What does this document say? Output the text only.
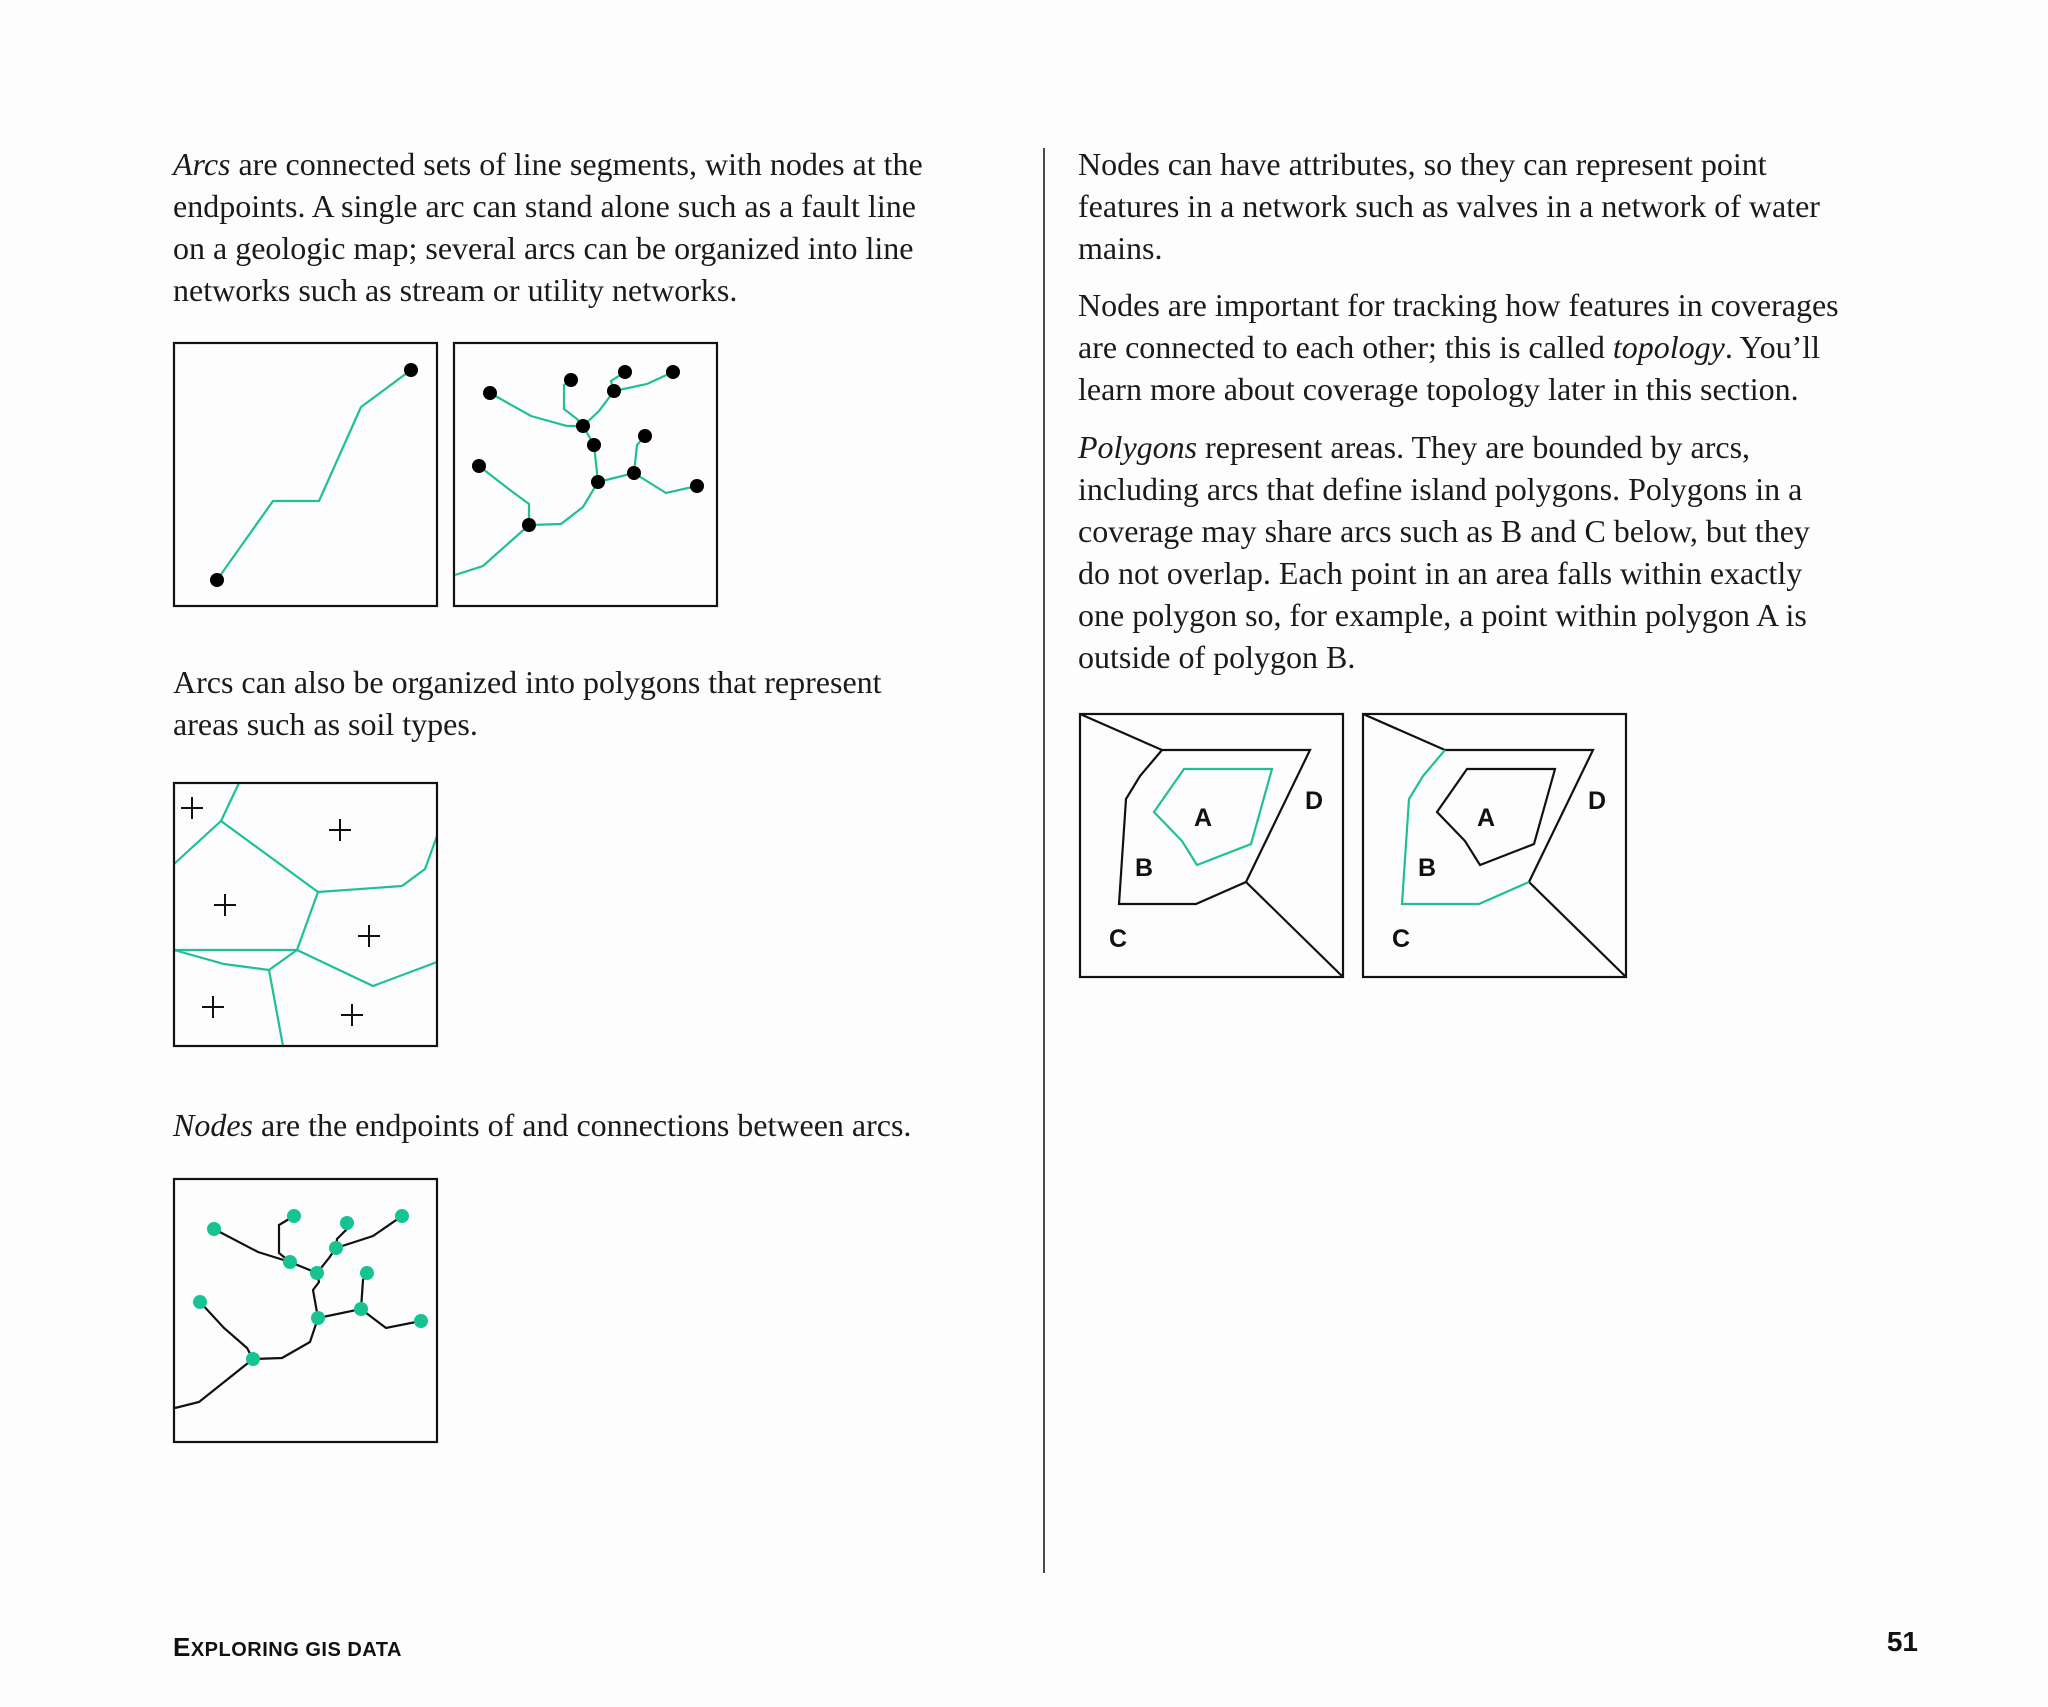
Arcs are connected sets of line segments, with nodes at the
endpoints. A single arc can stand alone such as a fault line
on a geologic map; several arcs can be organized into line
networks such as stream or utility networks.

Arcs can also be organized into polygons that represent
areas such as soil types.

Nodes are the endpoints of and connections between arcs.

Nodes can have attributes, so they can represent point
features in a network such as valves in a network of water
mains.

Nodes are important for tracking how features in coverages
are connected to each other; this is called topology. You’ll
learn more about coverage topology later in this section.

Polygons represent areas. They are bounded by arcs,
including arcs that define island polygons. Polygons in a
coverage may share arcs such as B and C below, but they
do not overlap. Each point in an area falls within exactly
one polygon so, for example, a point within polygon A is
outside of polygon B.

A
B
C
D
A
B
C
D
EXPLORING GIS DATA	51
